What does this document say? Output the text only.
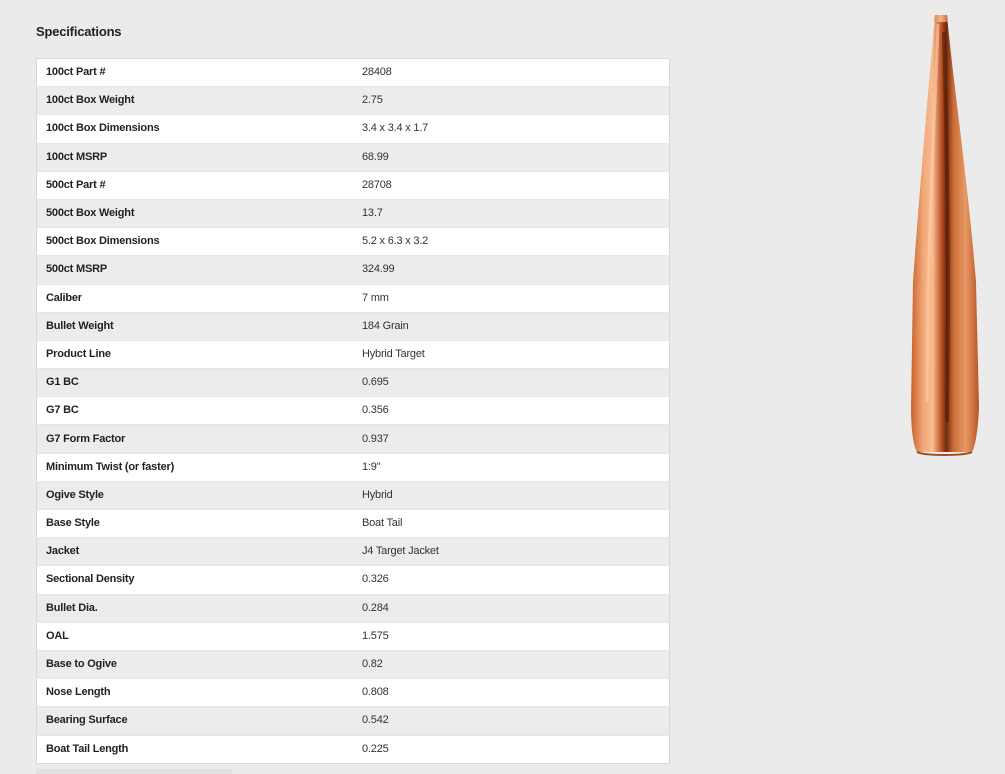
Specifications
100ct Part #	28408
100ct Box Weight	2.75
100ct Box Dimensions	3.4 x 3.4 x 1.7
100ct MSRP	68.99
500ct Part #	28708
500ct Box Weight	13.7
500ct Box Dimensions	5.2 x 6.3 x 3.2
500ct MSRP	324.99
Caliber	7 mm
Bullet Weight	184 Grain
Product Line	Hybrid Target
G1 BC	0.695
G7 BC	0.356
G7 Form Factor	0.937
Minimum Twist (or faster)	1:9"
Ogive Style	Hybrid
Base Style	Boat Tail
Jacket	J4 Target Jacket
Sectional Density	0.326
Bullet Dia.	0.284
OAL	1.575
Base to Ogive	0.82
Nose Length	0.808
Bearing Surface	0.542
Boat Tail Length	0.225
